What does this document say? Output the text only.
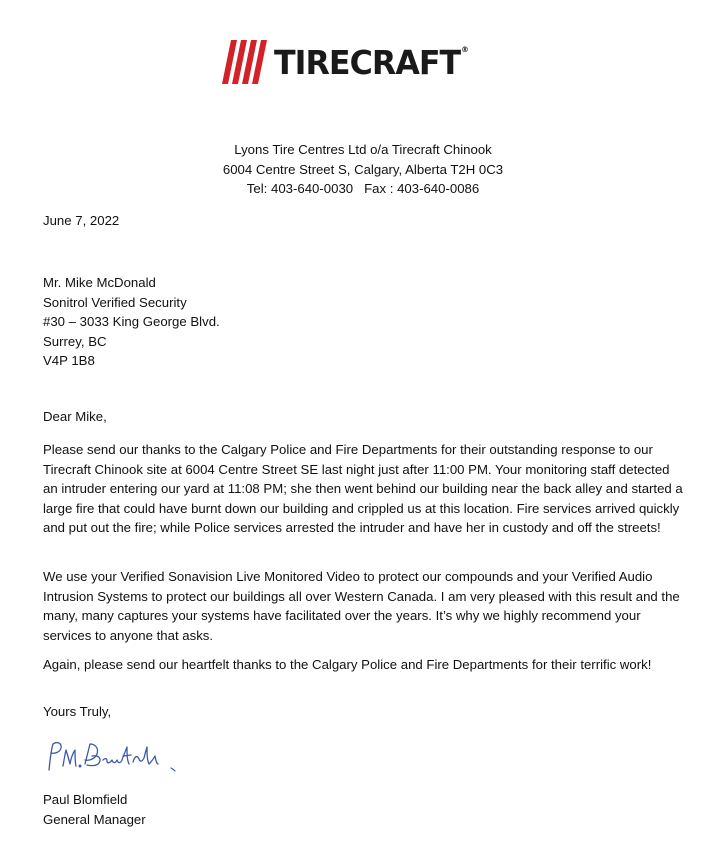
TIRECRAFT®
Lyons Tire Centres Ltd o/a Tirecraft Chinook
6004 Centre Street S, Calgary, Alberta T2H 0C3
Tel: 403-640-0030   Fax : 403-640-0086
June 7, 2022
Mr. Mike McDonald
Sonitrol Verified Security
#30 – 3033 King George Blvd.
Surrey, BC
V4P 1B8
Dear Mike,
Please send our thanks to the Calgary Police and Fire Departments for their outstanding response to our Tirecraft Chinook site at 6004 Centre Street SE last night just after 11:00 PM. Your monitoring staff detected an intruder entering our yard at 11:08 PM; she then went behind our building near the back alley and started a large fire that could have burnt down our building and crippled us at this location. Fire services arrived quickly and put out the fire; while Police services arrested the intruder and have her in custody and off the streets!
We use your Verified Sonavision Live Monitored Video to protect our compounds and your Verified Audio Intrusion Systems to protect our buildings all over Western Canada. I am very pleased with this result and the many, many captures your systems have facilitated over the years. It’s why we highly recommend your services to anyone that asks.
Again, please send our heartfelt thanks to the Calgary Police and Fire Departments for their terrific work!
Yours Truly,
Paul Blomfield
General Manager
